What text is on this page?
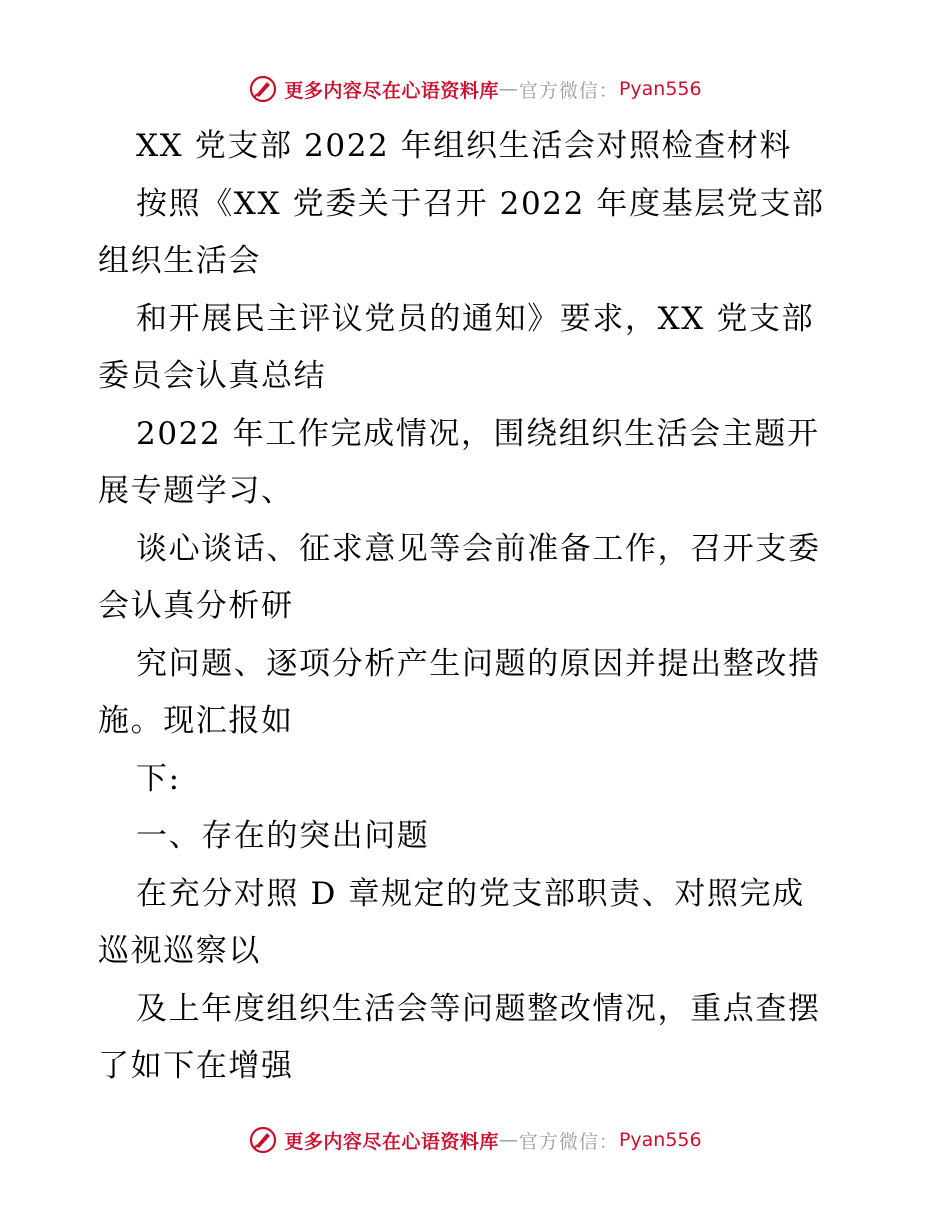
更多内容尽在心语资料库 — 官方微信： Pyan556
XX 党支部 2022 年组织生活会对照检查材料
按照《XX 党委关于召开 2022 年度基层党支部
组织生活会
和开展民主评议党员的通知》要求，XX 党支部
委员会认真总结
2022 年工作完成情况，围绕组织生活会主题开
展专题学习、
谈心谈话、征求意见等会前准备工作，召开支委
会认真分析研
究问题、逐项分析产生问题的原因并提出整改措
施。现汇报如
下:
一、存在的突出问题
在充分对照 D 章规定的党支部职责、对照完成
巡视巡察以
及上年度组织生活会等问题整改情况，重点查摆
了如下在增强
更多内容尽在心语资料库 — 官方微信： Pyan556
